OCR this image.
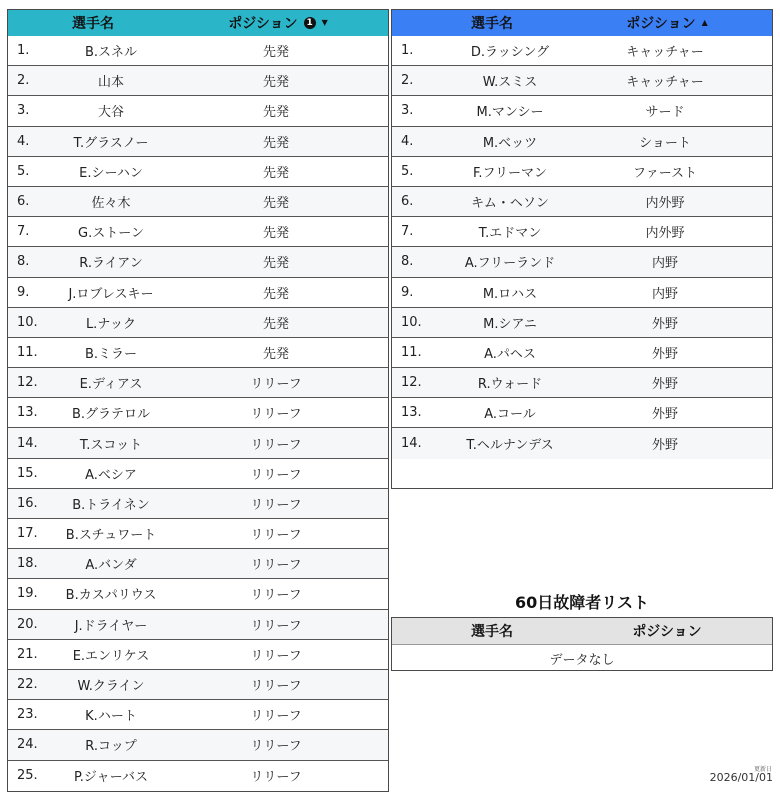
選手名	ポジション 1	▼
1.	B.スネル	先発
2.	山本	先発
3.	大谷	先発
4.	T.グラスノー	先発
5.	E.シーハン	先発
6.	佐々木	先発
7.	G.ストーン	先発
8.	R.ライアン	先発
9.	J.ロブレスキー	先発
10.	L.ナック	先発
11.	B.ミラー	先発
12.	E.ディアス	リリーフ
13.	B.グラテロル	リリーフ
14.	T.スコット	リリーフ
15.	A.ベシア	リリーフ
16.	B.トライネン	リリーフ
17.	B.スチュワート	リリーフ
18.	A.バンダ	リリーフ
19.	B.カスパリウス	リリーフ
20.	J.ドライヤー	リリーフ
21.	E.エンリケス	リリーフ
22.	W.クライン	リリーフ
23.	K.ハート	リリーフ
24.	R.コップ	リリーフ
25.	P.ジャーバス	リリーフ
選手名	ポジション ▲
1.	D.ラッシング	キャッチャー
2.	W.スミス	キャッチャー
3.	M.マンシー	サード
4.	M.ベッツ	ショート
5.	F.フリーマン	ファースト
6.	キム・ヘソン	内外野
7.	T.エドマン	内外野
8.	A.フリーランド	内野
9.	M.ロハス	内野
10.	M.シアニ	外野
11.	A.パヘス	外野
12.	R.ウォード	外野
13.	A.コール	外野
14.	T.ヘルナンデス	外野
60日故障者リスト
選手名	ポジション
データなし
更新日
2026/01/01
